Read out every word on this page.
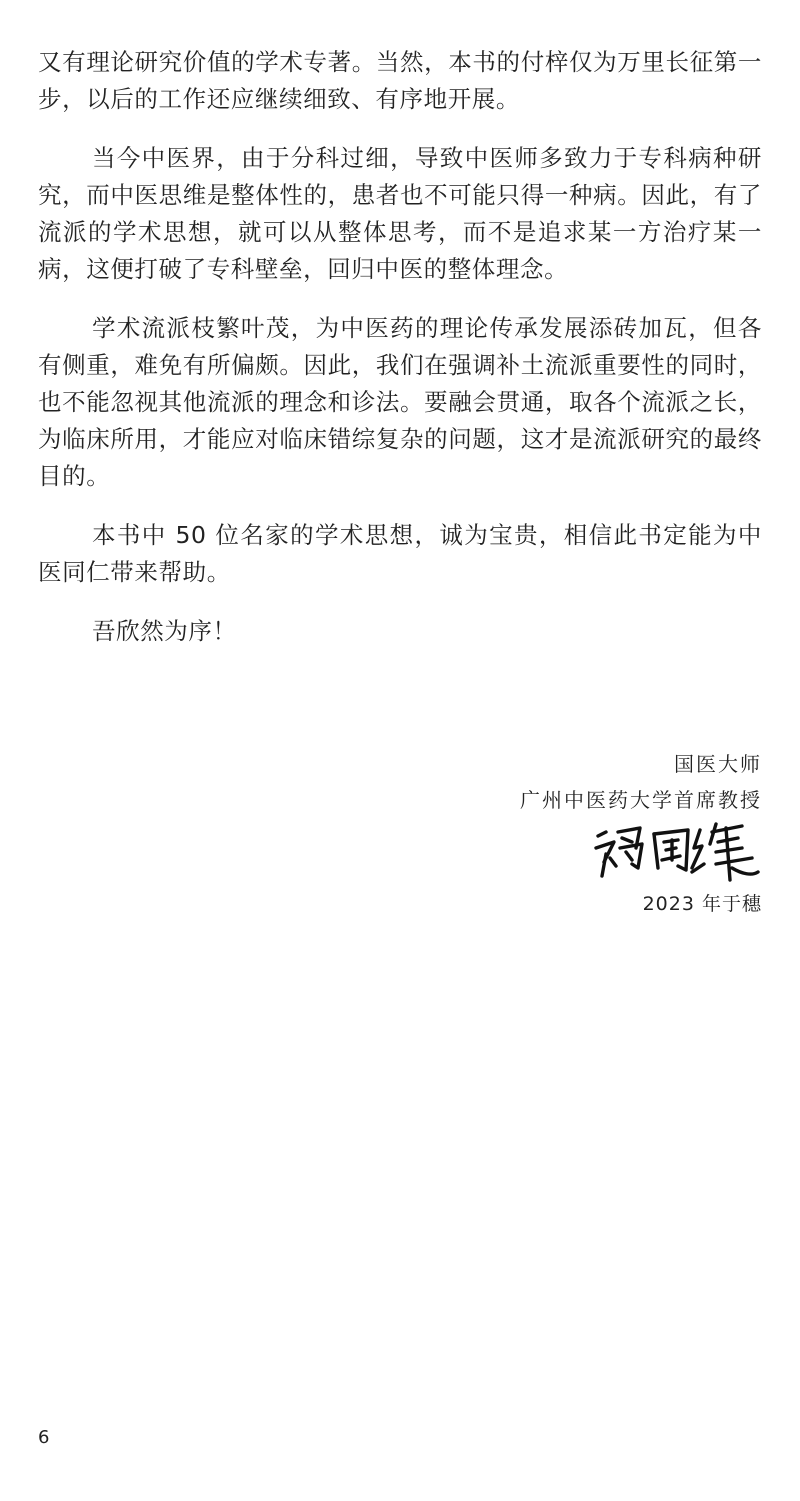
又有理论研究价值的学术专著。当然，本书的付梓仅为万里长征第一步，以后的工作还应继续细致、有序地开展。

当今中医界，由于分科过细，导致中医师多致力于专科病种研究，而中医思维是整体性的，患者也不可能只得一种病。因此，有了流派的学术思想，就可以从整体思考，而不是追求某一方治疗某一病，这便打破了专科壁垒，回归中医的整体理念。

学术流派枝繁叶茂，为中医药的理论传承发展添砖加瓦，但各有侧重，难免有所偏颇。因此，我们在强调补土流派重要性的同时，也不能忽视其他流派的理念和诊法。要融会贯通，取各个流派之长，为临床所用，才能应对临床错综复杂的问题，这才是流派研究的最终目的。

本书中 50 位名家的学术思想，诚为宝贵，相信此书定能为中医同仁带来帮助。

吾欣然为序！

国医大师
广州中医药大学首席教授
2023 年于穗
6
